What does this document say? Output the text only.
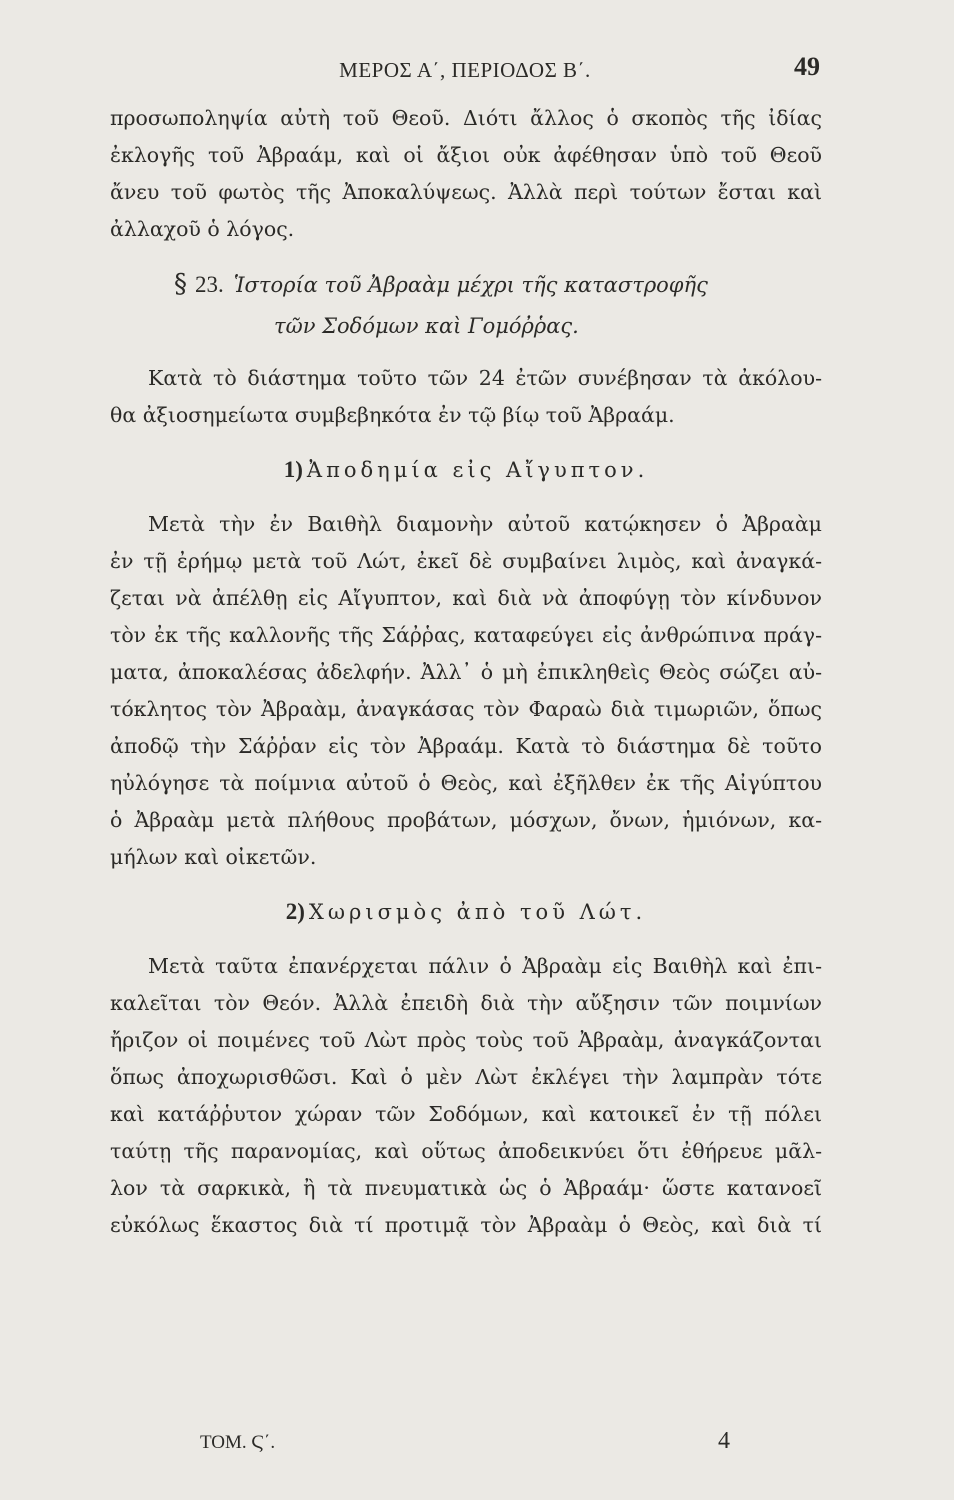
ΜΕΡΟΣ Α΄, ΠΕΡΙΟΔΟΣ Β΄.	49
προσωποληψία αὐτὴ τοῦ Θεοῦ. Διότι ἄλλος ὁ σκοπὸς τῆς ἰδίας
ἐκλογῆς τοῦ Ἀβραάμ, καὶ οἱ ἄξιοι οὐκ ἀφέθησαν ὑπὸ τοῦ Θεοῦ
ἄνευ τοῦ φωτὸς τῆς Ἀποκαλύψεως. Ἀλλὰ περὶ τούτων ἔσται καὶ
ἀλλαχοῦ ὁ λόγος.
§ 23. Ἱστορία τοῦ Ἀβραὰμ μέχρι τῆς καταστροφῆς
τῶν Σοδόμων καὶ Γομόῤῥας.
Κατὰ τὸ διάστημα τοῦτο τῶν 24 ἐτῶν συνέβησαν τὰ ἀκόλου-
θα ἀξιοσημείωτα συμβεβηκότα ἐν τῷ βίῳ τοῦ Ἀβραάμ.
1) Ἀποδημία εἰς Αἴγυπτον.
Μετὰ τὴν ἐν Βαιθὴλ διαμονὴν αὐτοῦ κατῴκησεν ὁ Ἀβραὰμ
ἐν τῇ ἐρήμῳ μετὰ τοῦ Λώτ, ἐκεῖ δὲ συμβαίνει λιμὸς, καὶ ἀναγκά-
ζεται νὰ ἀπέλθῃ εἰς Αἴγυπτον, καὶ διὰ νὰ ἀποφύγῃ τὸν κίνδυνον
τὸν ἐκ τῆς καλλονῆς τῆς Σάῤῥας, καταφεύγει εἰς ἀνθρώπινα πράγ-
ματα, ἀποκαλέσας ἀδελφήν. Ἀλλ᾽ ὁ μὴ ἐπικληθεὶς Θεὸς σώζει αὐ-
τόκλητος τὸν Ἀβραὰμ, ἀναγκάσας τὸν Φαραὼ διὰ τιμωριῶν, ὅπως
ἀποδῷ τὴν Σάῤῥαν εἰς τὸν Ἀβραάμ. Κατὰ τὸ διάστημα δὲ τοῦτο
ηὐλόγησε τὰ ποίμνια αὐτοῦ ὁ Θεὸς, καὶ ἐξῆλθεν ἐκ τῆς Αἰγύπτου
ὁ Ἀβραὰμ μετὰ πλήθους προβάτων, μόσχων, ὄνων, ἡμιόνων, κα-
μήλων καὶ οἰκετῶν.
2) Χωρισμὸς ἀπὸ τοῦ Λώτ.
Μετὰ ταῦτα ἐπανέρχεται πάλιν ὁ Ἀβραὰμ εἰς Βαιθὴλ καὶ ἐπι-
καλεῖται τὸν Θεόν. Ἀλλὰ ἐπειδὴ διὰ τὴν αὔξησιν τῶν ποιμνίων
ἤριζον οἱ ποιμένες τοῦ Λὼτ πρὸς τοὺς τοῦ Ἀβραὰμ, ἀναγκάζονται
ὅπως ἀποχωρισθῶσι. Καὶ ὁ μὲν Λὼτ ἐκλέγει τὴν λαμπρὰν τότε
καὶ κατάῤῥυτον χώραν τῶν Σοδόμων, καὶ κατοικεῖ ἐν τῇ πόλει
ταύτῃ τῆς παρανομίας, καὶ οὕτως ἀποδεικνύει ὅτι ἐθήρευε μᾶλ-
λον τὰ σαρκικὰ, ἢ τὰ πνευματικὰ ὡς ὁ Ἀβραάμ· ὥστε κατανοεῖ
εὐκόλως ἕκαστος διὰ τί προτιμᾷ τὸν Ἀβραὰμ ὁ Θεὸς, καὶ διὰ τί
ΤΟΜ. Ϛ΄.	4
